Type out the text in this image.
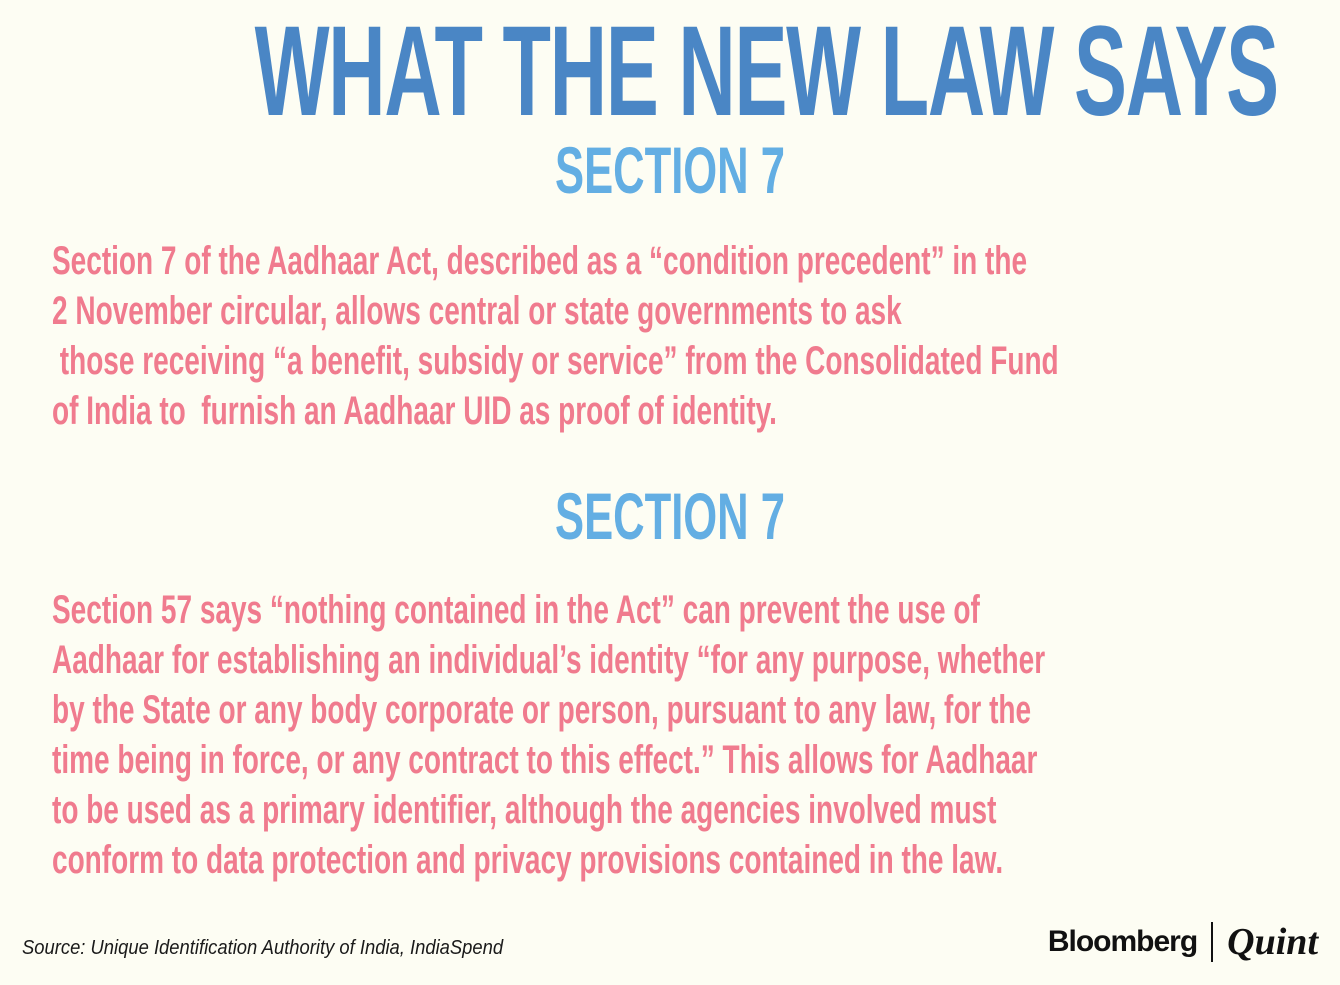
WHAT THE NEW LAW SAYS
SECTION 7
Section 7 of the Aadhaar Act, described as a “condition precedent” in the
2 November circular, allows central or state governments to ask
those receiving “a benefit, subsidy or service” from the Consolidated Fund
of India to  furnish an Aadhaar UID as proof of identity.
SECTION 7
Section 57 says “nothing contained in the Act” can prevent the use of
Aadhaar for establishing an individual’s identity “for any purpose, whether
by the State or any body corporate or person, pursuant to any law, for the
time being in force, or any contract to this effect.” This allows for Aadhaar
to be used as a primary identifier, although the agencies involved must
conform to data protection and privacy provisions contained in the law.
Source: Unique Identification Authority of India, IndiaSpend	Bloomberg Quint
